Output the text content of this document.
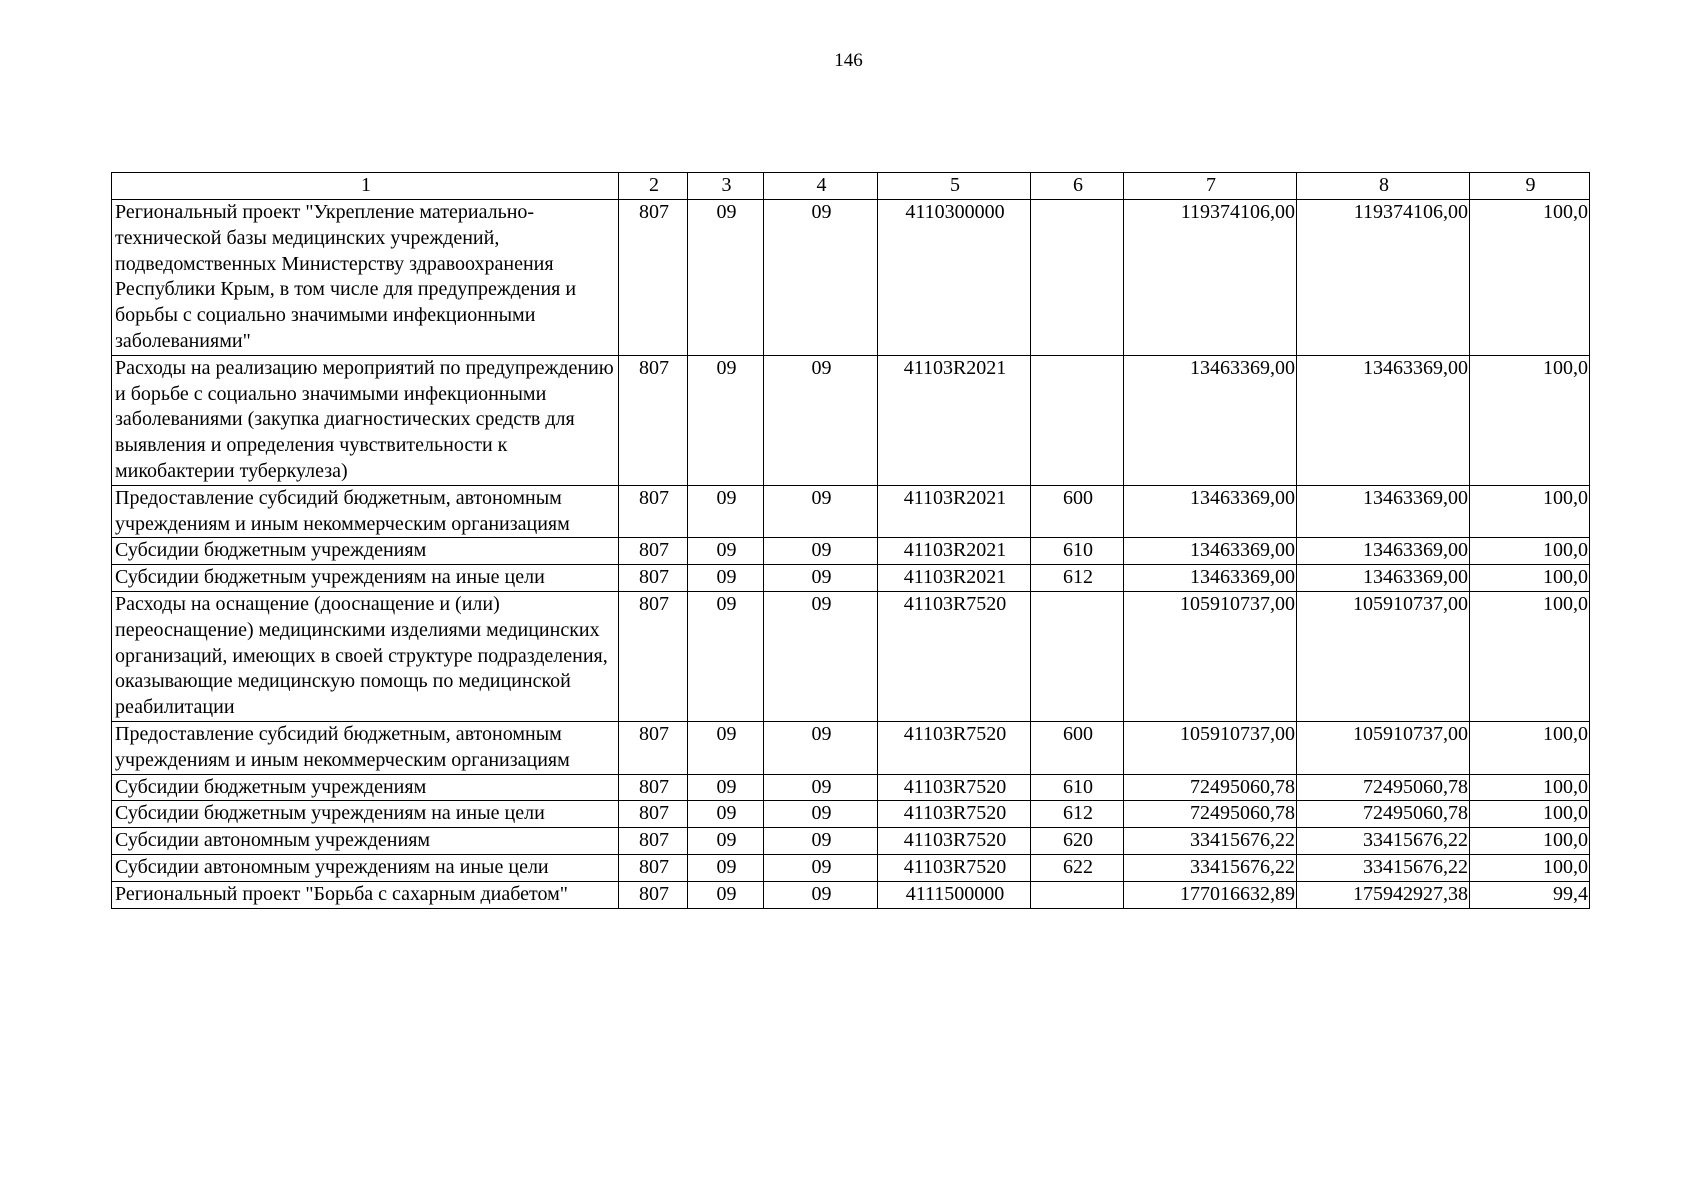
146
1	2	3	4	5	6	7	8	9
Региональный проект "Укрепление материально-технической базы медицинских учреждений, подведомственных Министерству здравоохранения Республики Крым, в том числе для предупреждения и борьбы с социально значимыми инфекционными заболеваниями"	807	09	09	4110300000		119374106,00	119374106,00	100,0
Расходы на реализацию мероприятий по предупреждению и борьбе с социально значимыми инфекционными заболеваниями (закупка диагностических средств для выявления и определения чувствительности к микобактерии туберкулеза)	807	09	09	41103R2021		13463369,00	13463369,00	100,0
Предоставление субсидий бюджетным, автономным учреждениям и иным некоммерческим организациям	807	09	09	41103R2021	600	13463369,00	13463369,00	100,0
Субсидии бюджетным учреждениям	807	09	09	41103R2021	610	13463369,00	13463369,00	100,0
Субсидии бюджетным учреждениям на иные цели	807	09	09	41103R2021	612	13463369,00	13463369,00	100,0
Расходы на оснащение (дооснащение и (или) переоснащение) медицинскими изделиями медицинских организаций, имеющих в своей структуре подразделения, оказывающие медицинскую помощь по медицинской реабилитации	807	09	09	41103R7520		105910737,00	105910737,00	100,0
Предоставление субсидий бюджетным, автономным учреждениям и иным некоммерческим организациям	807	09	09	41103R7520	600	105910737,00	105910737,00	100,0
Субсидии бюджетным учреждениям	807	09	09	41103R7520	610	72495060,78	72495060,78	100,0
Субсидии бюджетным учреждениям на иные цели	807	09	09	41103R7520	612	72495060,78	72495060,78	100,0
Субсидии автономным учреждениям	807	09	09	41103R7520	620	33415676,22	33415676,22	100,0
Субсидии автономным учреждениям на иные цели	807	09	09	41103R7520	622	33415676,22	33415676,22	100,0
Региональный проект "Борьба с сахарным диабетом"	807	09	09	4111500000		177016632,89	175942927,38	99,4
